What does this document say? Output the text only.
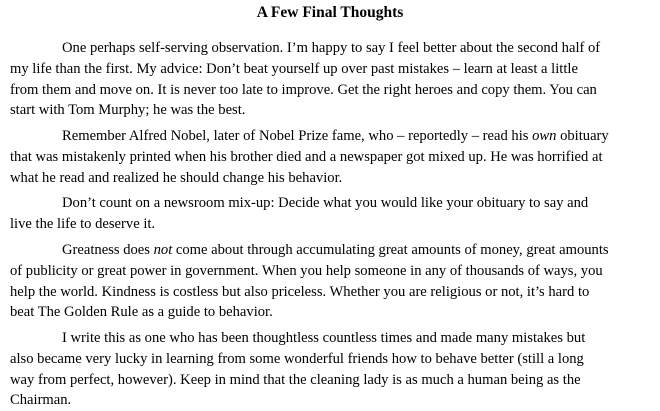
A Few Final Thoughts

One perhaps self-serving observation. I’m happy to say I feel better about the second half of
my life than the first. My advice: Don’t beat yourself up over past mistakes – learn at least a little
from them and move on. It is never too late to improve. Get the right heroes and copy them. You can
start with Tom Murphy; he was the best.

Remember Alfred Nobel, later of Nobel Prize fame, who – reportedly – read his own obituary
that was mistakenly printed when his brother died and a newspaper got mixed up. He was horrified at
what he read and realized he should change his behavior.

Don’t count on a newsroom mix-up: Decide what you would like your obituary to say and
live the life to deserve it.

Greatness does not come about through accumulating great amounts of money, great amounts
of publicity or great power in government. When you help someone in any of thousands of ways, you
help the world. Kindness is costless but also priceless. Whether you are religious or not, it’s hard to
beat The Golden Rule as a guide to behavior.

I write this as one who has been thoughtless countless times and made many mistakes but
also became very lucky in learning from some wonderful friends how to behave better (still a long
way from perfect, however). Keep in mind that the cleaning lady is as much a human being as the
Chairman.
